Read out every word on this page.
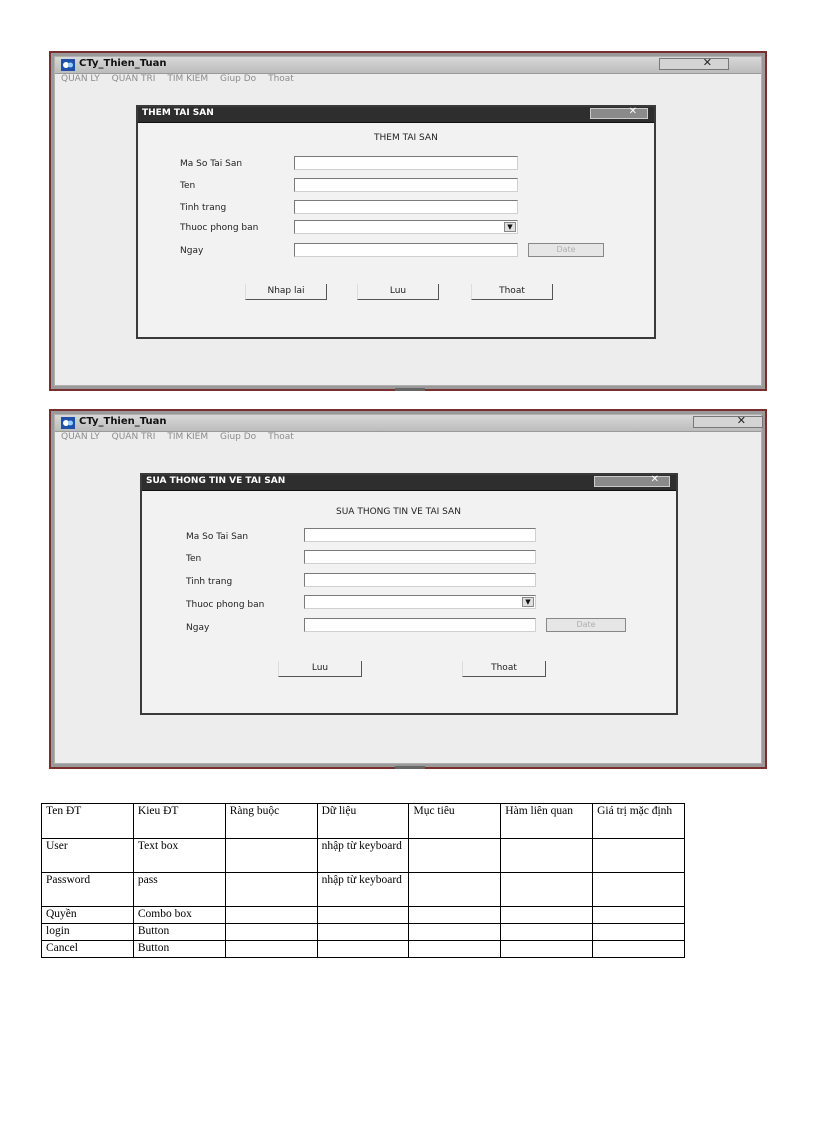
CTy_Thien_Tuan	✕
QUAN LY QUAN TRI TIM KIEM Giup Do Thoat
THEM TAI SAN	✕
THEM TAI SAN
Ma So Tai San
Ten
Tinh trang
Thuoc phong ban	▼
Ngay	Date
Nhap lai	Luu	Thoat
CTy_Thien_Tuan	✕
QUAN LY QUAN TRI TIM KIEM Giup Do Thoat
SUA THONG TIN VE TAI SAN	✕
SUA THONG TIN VE TAI SAN
Ma So Tai San
Ten
Tinh trang
Thuoc phong ban	▼
Ngay	Date
Luu	Thoat
Ten ĐT	Kieu ĐT	Ràng buộc	Dữ liệu	Mục tiêu	Hàm liên quan	Giá trị mặc định
User	Text box		nhập từ keyboard			
Password	pass		nhập từ keyboard			
Quyền	Combo box					
login	Button					
Cancel	Button					
